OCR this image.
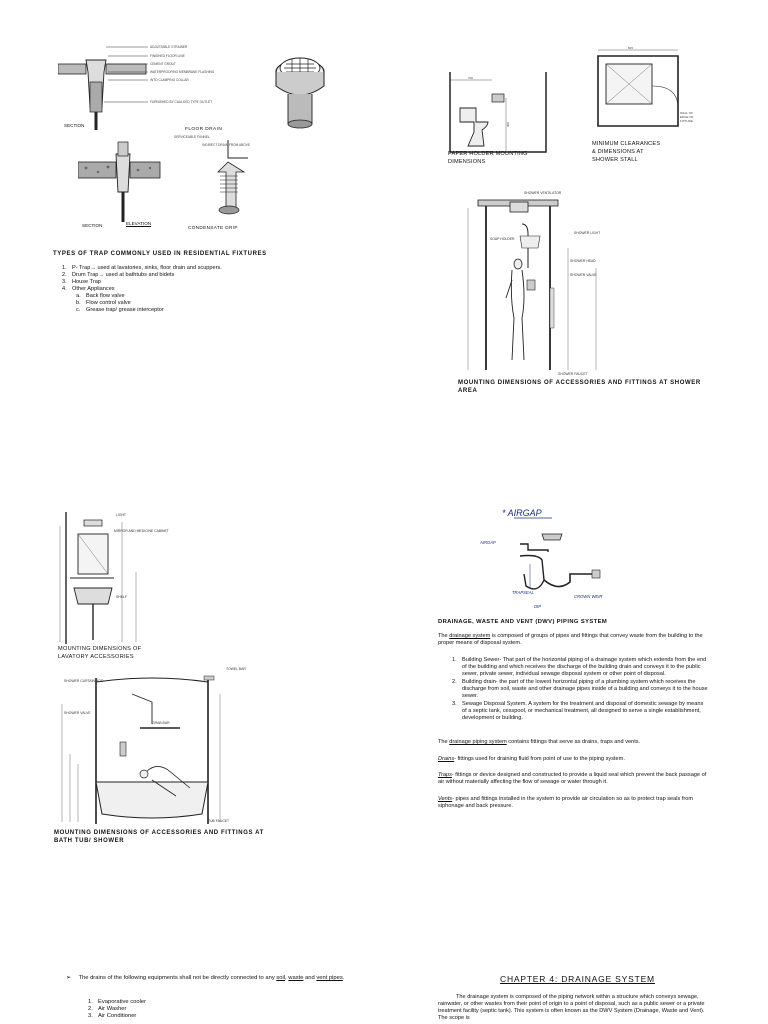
ADJUSTABLE STRAINER
FINISHED FLOOR LINE
CEMENT GROUT
WATERPROOFING MEMBRANE FLASHING
INTO CLAMPING COLLAR
FURNISHED BY CAULKED TYPE OUTLET
SECTION
FLOOR DRAIN
SERVICEABLE FUNNEL
INDIRECT DRAIN FROM ABOVE
SECTION	ELEVATION
CONDENSATE DRIP
TYPES OF TRAP COMMONLY USED IN RESIDENTIAL FIXTURES
1. P- Trap→ used at lavatories, sinks, floor drain and scuppers.
2. Drum Trap→ used at bathtubs and bidets
3. House Trap
4. Other Appliances
a. Back flow valve
b. Flow control valve
c. Grease trap/ grease interceptor
700
900
PAPER HOLDER MOUNTING DIMENSIONS
815
WALL OF
EDGE OF
FIXTURE
MINIMUM CLEARANCES & DIMENSIONS AT SHOWER STALL
SHOWER VENTILATOR
SHOWER LIGHT
SOAP HOLDER
SHOWER HEAD
SHOWER VALVE
SHOWER FAUCET
MOUNTING DIMENSIONS OF ACCESSORIES AND FITTINGS AT SHOWER AREA
LIGHT
MIRROR AND MEDICINE CABINET
SHELF
MOUNTING DIMENSIONS OF LAVATORY ACCESSORIES
TOWEL BAR
SHOWER CURTAIN ROD
SHOWER VALVE
GRAB BAR
TUB FAUCET
MOUNTING DIMENSIONS OF ACCESSORIES AND FITTINGS AT BATH TUB/ SHOWER
* AIRGAP
AIRGAP
TRAPSEAL
DIP
CROWN WEIR
DRAINAGE, WASTE AND VENT (DWV) PIPING SYSTEM
The drainage system is composed of groups of pipes and fittings that convey waste from the building to the proper means of disposal system.
1. Building Sewer- That part of the horizontal piping of a drainage system which extends from the end of the building and which receives the discharge of the building drain and conveys it to the public sewer, private sewer, individual sewage disposal system or other point of disposal.
2. Building drain- the part of the lowest horizontal piping of a plumbing system which receives the discharge from soil, waste and other drainage pipes inside of a building and conveys it to the house sewer.
3. Sewage Disposal System. A system for the treatment and disposal of domestic sewage by means of a septic tank, cesspool, or mechanical treatment, all designed to serve a single establishment, development or building.
The drainage piping system contains fittings that serve as drains, traps and vents.
Drains- fittings used for draining fluid from point of use to the piping system.
Traps- fittings or device designed and constructed to provide a liquid seal which prevent the back passage of air without materially affecting the flow of sewage or water through it.
Vents- pipes and fittings installed in the system to provide air circulation so as to protect trap seals from siphonage and back pressure.
➢ The drains of the following equipments shall not be directly connected to any soil, waste and vent pipes.
1. Evaporative cooler
2. Air Washer
3. Air Conditioner
CHAPTER 4: DRAINAGE SYSTEM
The drainage system is composed of the piping network within a structure which conveys sewage, rainwater, or other wastes from their point of origin to a point of disposal, such as a public sewer or a private treatment facility (septic tank). This system is often known as the DWV System (Drainage, Waste and Vent). The scope is
